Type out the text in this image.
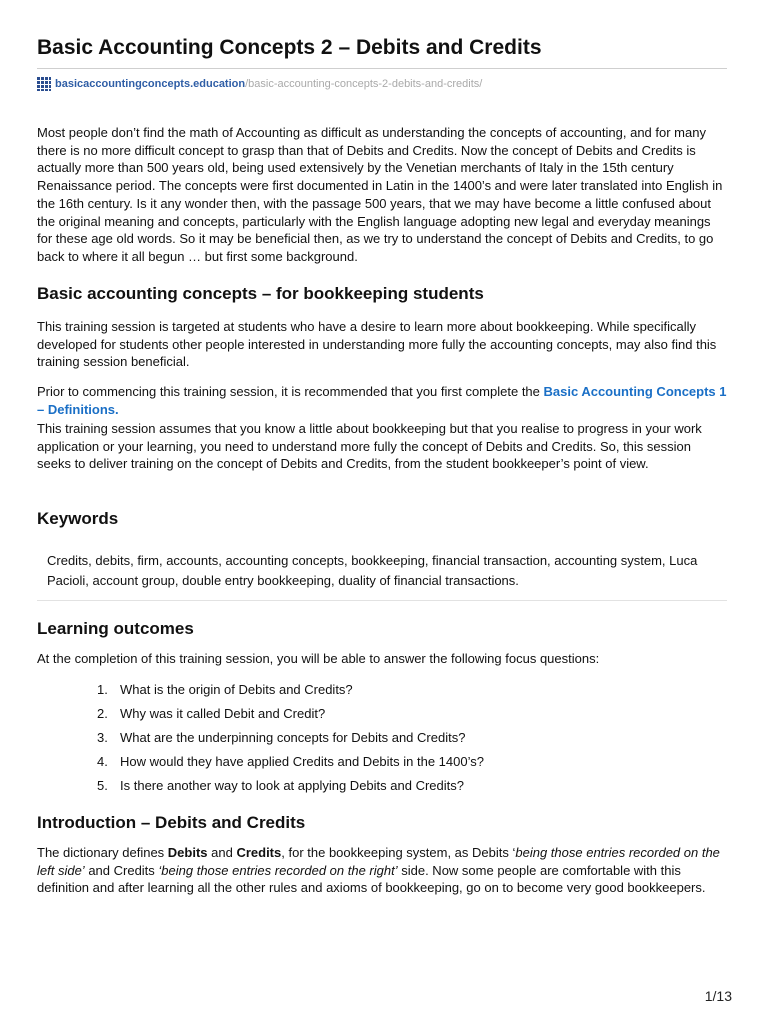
Basic Accounting Concepts 2 – Debits and Credits
basicaccountingconcepts.education /basic-accounting-concepts-2-debits-and-credits/

Most people don’t find the math of Accounting as difficult as understanding the concepts of accounting, and for many there is no more difficult concept to grasp than that of Debits and Credits. Now the concept of Debits and Credits is actually more than 500 years old, being used extensively by the Venetian merchants of Italy in the 15th century Renaissance period. The concepts were first documented in Latin in the 1400’s and were later translated into English in the 16th century. Is it any wonder then, with the passage 500 years, that we may have become a little confused about the original meaning and concepts, particularly with the English language adopting new legal and everyday meanings for these age old words. So it may be beneficial then, as we try to understand the concept of Debits and Credits, to go back to where it all begun … but first some background.

Basic accounting concepts – for bookkeeping students

This training session is targeted at students who have a desire to learn more about bookkeeping. While specifically developed for students other people interested in understanding more fully the accounting concepts, may also find this training session beneficial.

Prior to commencing this training session, it is recommended that you first complete the Basic Accounting Concepts 1 – Definitions.

This training session assumes that you know a little about bookkeeping but that you realise to progress in your work application or your learning, you need to understand more fully the concept of Debits and Credits. So, this session seeks to deliver training on the concept of Debits and Credits, from the student bookkeeper’s point of view.

Keywords

Credits, debits, firm, accounts, accounting concepts, bookkeeping, financial transaction, accounting system, Luca Pacioli, account group, double entry bookkeeping, duality of financial transactions.

Learning outcomes

At the completion of this training session, you will be able to answer the following focus questions:

1. What is the origin of Debits and Credits?
2. Why was it called Debit and Credit?
3. What are the underpinning concepts for Debits and Credits?
4. How would they have applied Credits and Debits in the 1400’s?
5. Is there another way to look at applying Debits and Credits?
Introduction – Debits and Credits

The dictionary defines Debits and Credits, for the bookkeeping system, as Debits ‘being those entries recorded on the left side’ and Credits ‘being those entries recorded on the right’ side. Now some people are comfortable with this definition and after learning all the other rules and axioms of bookkeeping, go on to become very good bookkeepers.

1/13
